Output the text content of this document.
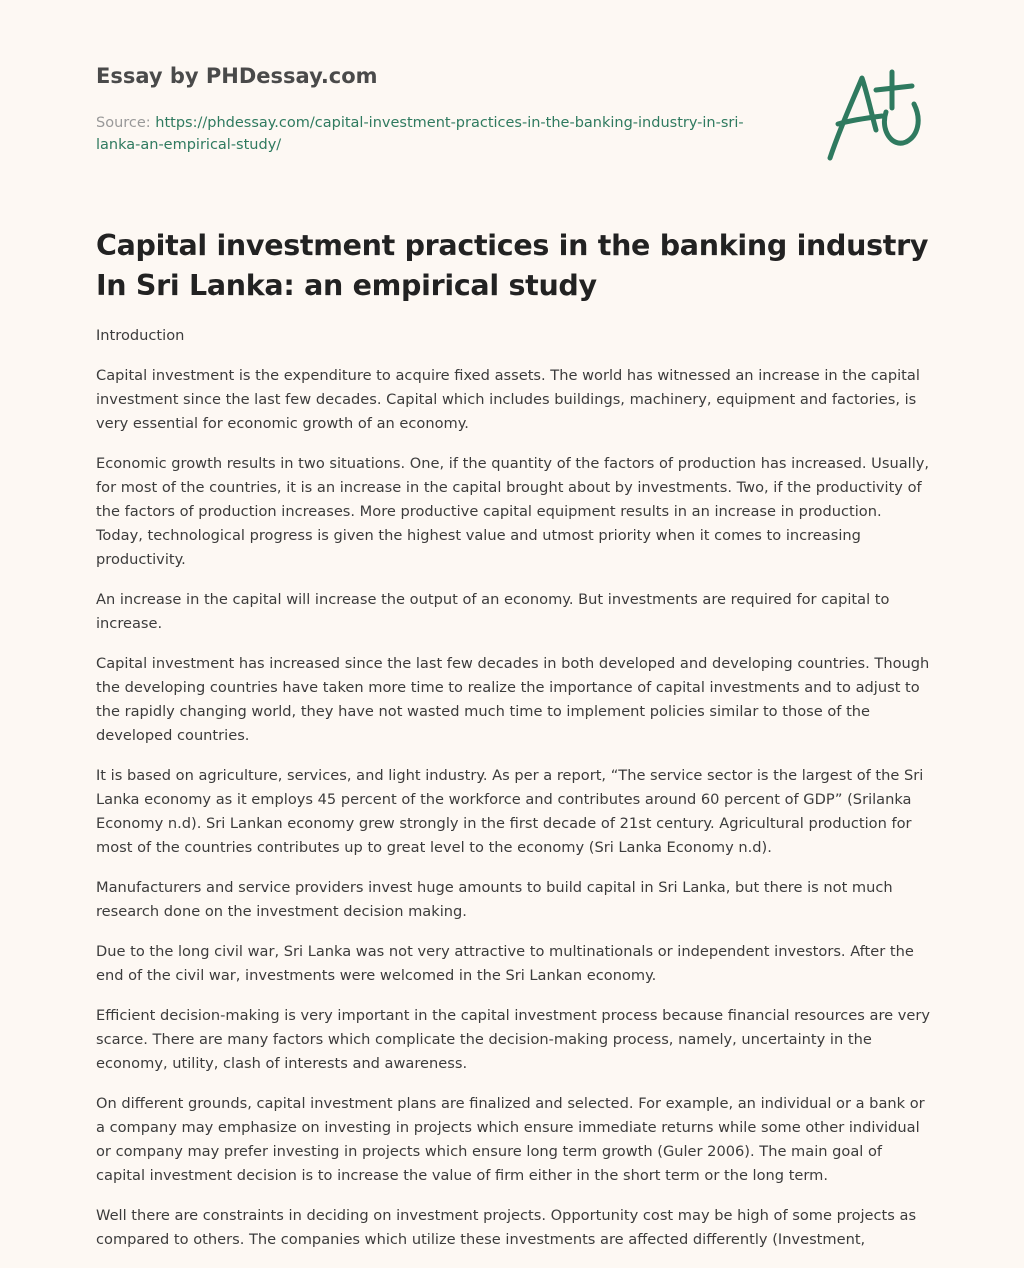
Essay by PHDessay.com
Source: https://phdessay.com/capital-investment-practices-in-the-banking-industry-in-sri-lanka-an-empirical-study/
Capital investment practices in the banking industry In Sri Lanka: an empirical study

Introduction

Capital investment is the expenditure to acquire fixed assets. The world has witnessed an increase in the capital investment since the last few decades. Capital which includes buildings, machinery, equipment and factories, is very essential for economic growth of an economy.

Economic growth results in two situations. One, if the quantity of the factors of production has increased. Usually, for most of the countries, it is an increase in the capital brought about by investments. Two, if the productivity of the factors of production increases. More productive capital equipment results in an increase in production. Today, technological progress is given the highest value and utmost priority when it comes to increasing productivity.

An increase in the capital will increase the output of an economy. But investments are required for capital to increase.

Capital investment has increased since the last few decades in both developed and developing countries. Though the developing countries have taken more time to realize the importance of capital investments and to adjust to the rapidly changing world, they have not wasted much time to implement policies similar to those of the developed countries.

It is based on agriculture, services, and light industry. As per a report, “The service sector is the largest of the Sri Lanka economy as it employs 45 percent of the workforce and contributes around 60 percent of GDP” (Srilanka Economy n.d). Sri Lankan economy grew strongly in the first decade of 21st century. Agricultural production for most of the countries contributes up to great level to the economy (Sri Lanka Economy n.d).

Manufacturers and service providers invest huge amounts to build capital in Sri Lanka, but there is not much research done on the investment decision making.

Due to the long civil war, Sri Lanka was not very attractive to multinationals or independent investors. After the end of the civil war, investments were welcomed in the Sri Lankan economy.

Efficient decision-making is very important in the capital investment process because financial resources are very scarce. There are many factors which complicate the decision-making process, namely, uncertainty in the economy, utility, clash of interests and awareness.

On different grounds, capital investment plans are finalized and selected. For example, an individual or a bank or a company may emphasize on investing in projects which ensure immediate returns while some other individual or company may prefer investing in projects which ensure long term growth (Guler 2006). The main goal of capital investment decision is to increase the value of firm either in the short term or the long term.

Well there are constraints in deciding on investment projects. Opportunity cost may be high of some projects as compared to others. The companies which utilize these investments are affected differently (Investment,
